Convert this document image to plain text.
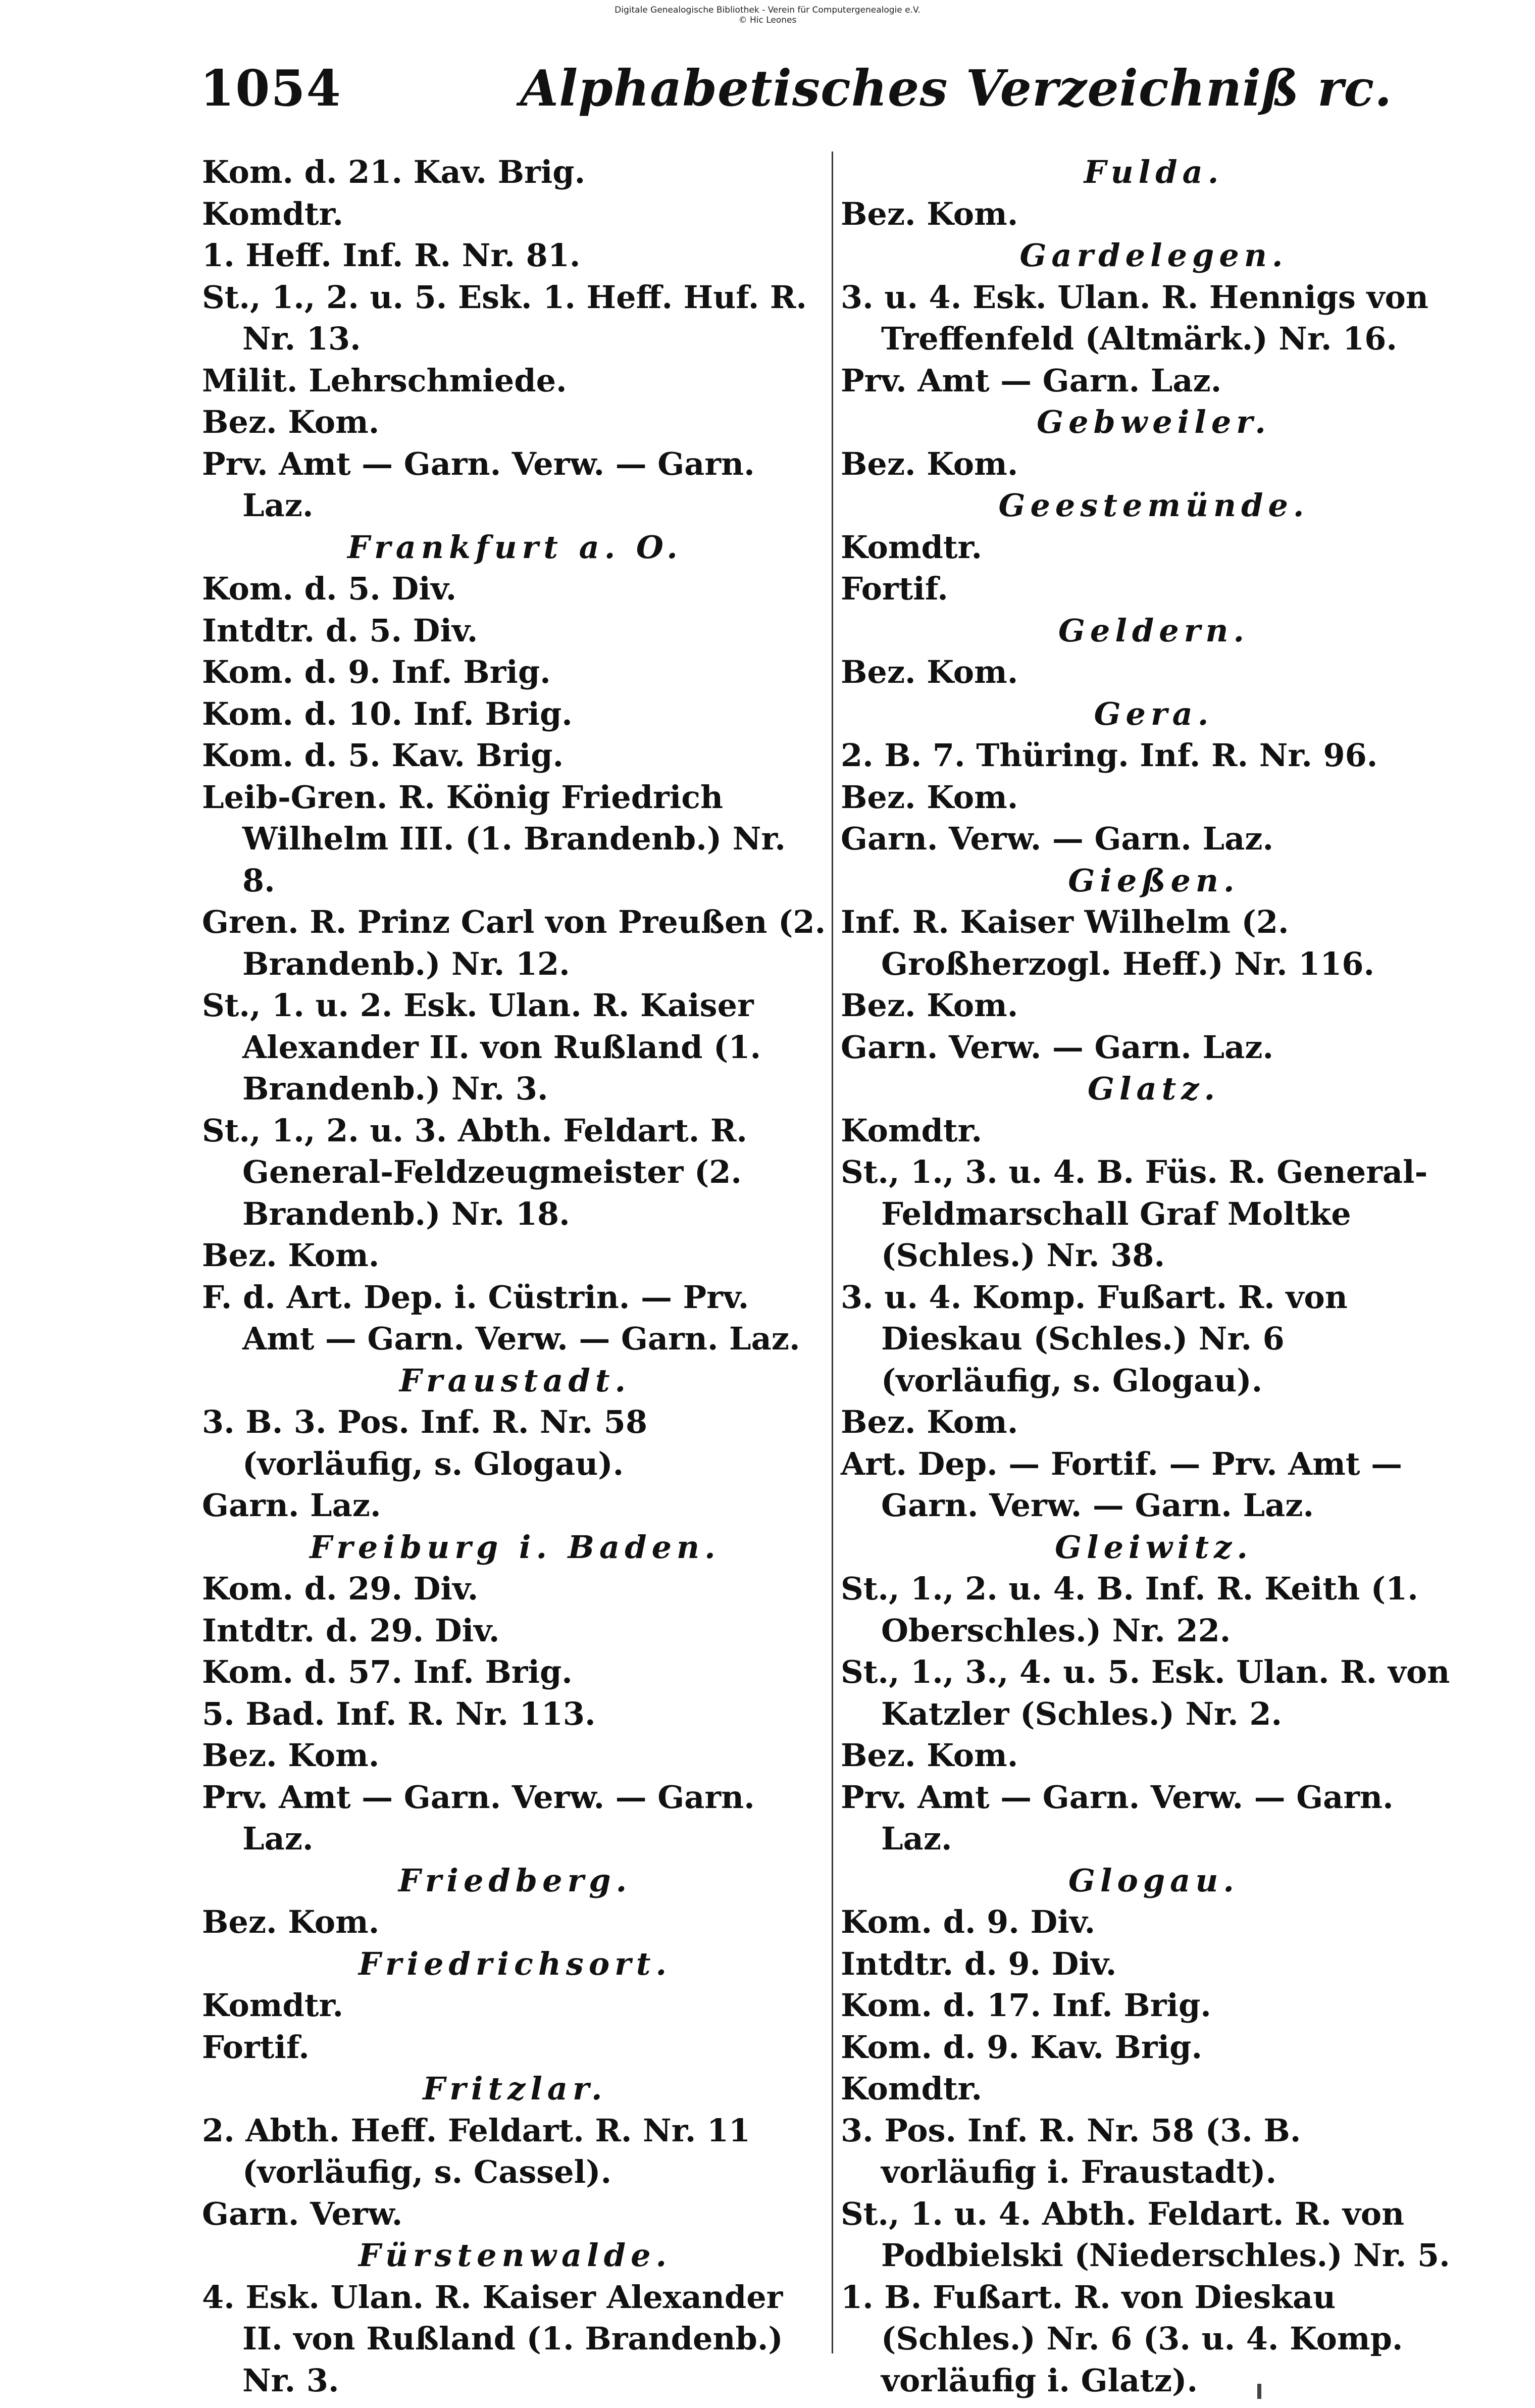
Digitale Genealogische Bibliothek - Verein für Computergenealogie e.V.
© Hic Leones
1054	Alphabetisches Verzeichniß rc.
Kom. d. 21. Kav. Brig.
Komdtr.
1. Heff. Inf. R. Nr. 81.
St., 1., 2. u. 5. Esk. 1. Heff. Huf. R. Nr. 13.
Milit. Lehrschmiede.
Bez. Kom.
Prv. Amt — Garn. Verw. — Garn. Laz.
Frankfurt a. O.
Kom. d. 5. Div.
Intdtr. d. 5. Div.
Kom. d. 9. Inf. Brig.
Kom. d. 10. Inf. Brig.
Kom. d. 5. Kav. Brig.
Leib-Gren. R. König Friedrich Wilhelm III. (1. Brandenb.) Nr. 8.
Gren. R. Prinz Carl von Preußen (2. Brandenb.) Nr. 12.
St., 1. u. 2. Esk. Ulan. R. Kaiser Alexander II. von Rußland (1. Brandenb.) Nr. 3.
St., 1., 2. u. 3. Abth. Feldart. R. General-Feldzeugmeister (2. Brandenb.) Nr. 18.
Bez. Kom.
F. d. Art. Dep. i. Cüstrin. — Prv. Amt — Garn. Verw. — Garn. Laz.
Fraustadt.
3. B. 3. Pos. Inf. R. Nr. 58 (vorläufig, s. Glogau).
Garn. Laz.
Freiburg i. Baden.
Kom. d. 29. Div.
Intdtr. d. 29. Div.
Kom. d. 57. Inf. Brig.
5. Bad. Inf. R. Nr. 113.
Bez. Kom.
Prv. Amt — Garn. Verw. — Garn. Laz.
Friedberg.
Bez. Kom.
Friedrichsort.
Komdtr.
Fortif.
Fritzlar.
2. Abth. Heff. Feldart. R. Nr. 11 (vorläufig, s. Cassel).
Garn. Verw.
Fürstenwalde.
4. Esk. Ulan. R. Kaiser Alexander II. von Rußland (1. Brandenb.) Nr. 3.
Fulda.
Bez. Kom.
Gardelegen.
3. u. 4. Esk. Ulan. R. Hennigs von Treffenfeld (Altmärk.) Nr. 16.
Prv. Amt — Garn. Laz.
Gebweiler.
Bez. Kom.
Geestemünde.
Komdtr.
Fortif.
Geldern.
Bez. Kom.
Gera.
2. B. 7. Thüring. Inf. R. Nr. 96.
Bez. Kom.
Garn. Verw. — Garn. Laz.
Gießen.
Inf. R. Kaiser Wilhelm (2. Großherzogl. Heff.) Nr. 116.
Bez. Kom.
Garn. Verw. — Garn. Laz.
Glatz.
Komdtr.
St., 1., 3. u. 4. B. Füs. R. General-Feldmarschall Graf Moltke (Schles.) Nr. 38.
3. u. 4. Komp. Fußart. R. von Dieskau (Schles.) Nr. 6 (vorläufig, s. Glogau).
Bez. Kom.
Art. Dep. — Fortif. — Prv. Amt — Garn. Verw. — Garn. Laz.
Gleiwitz.
St., 1., 2. u. 4. B. Inf. R. Keith (1. Oberschles.) Nr. 22.
St., 1., 3., 4. u. 5. Esk. Ulan. R. von Katzler (Schles.) Nr. 2.
Bez. Kom.
Prv. Amt — Garn. Verw. — Garn. Laz.
Glogau.
Kom. d. 9. Div.
Intdtr. d. 9. Div.
Kom. d. 17. Inf. Brig.
Kom. d. 9. Kav. Brig.
Komdtr.
3. Pos. Inf. R. Nr. 58 (3. B. vorläufig i. Fraustadt).
St., 1. u. 4. Abth. Feldart. R. von Podbielski (Niederschles.) Nr. 5.
1. B. Fußart. R. von Dieskau (Schles.) Nr. 6 (3. u. 4. Komp. vorläufig i. Glatz).
